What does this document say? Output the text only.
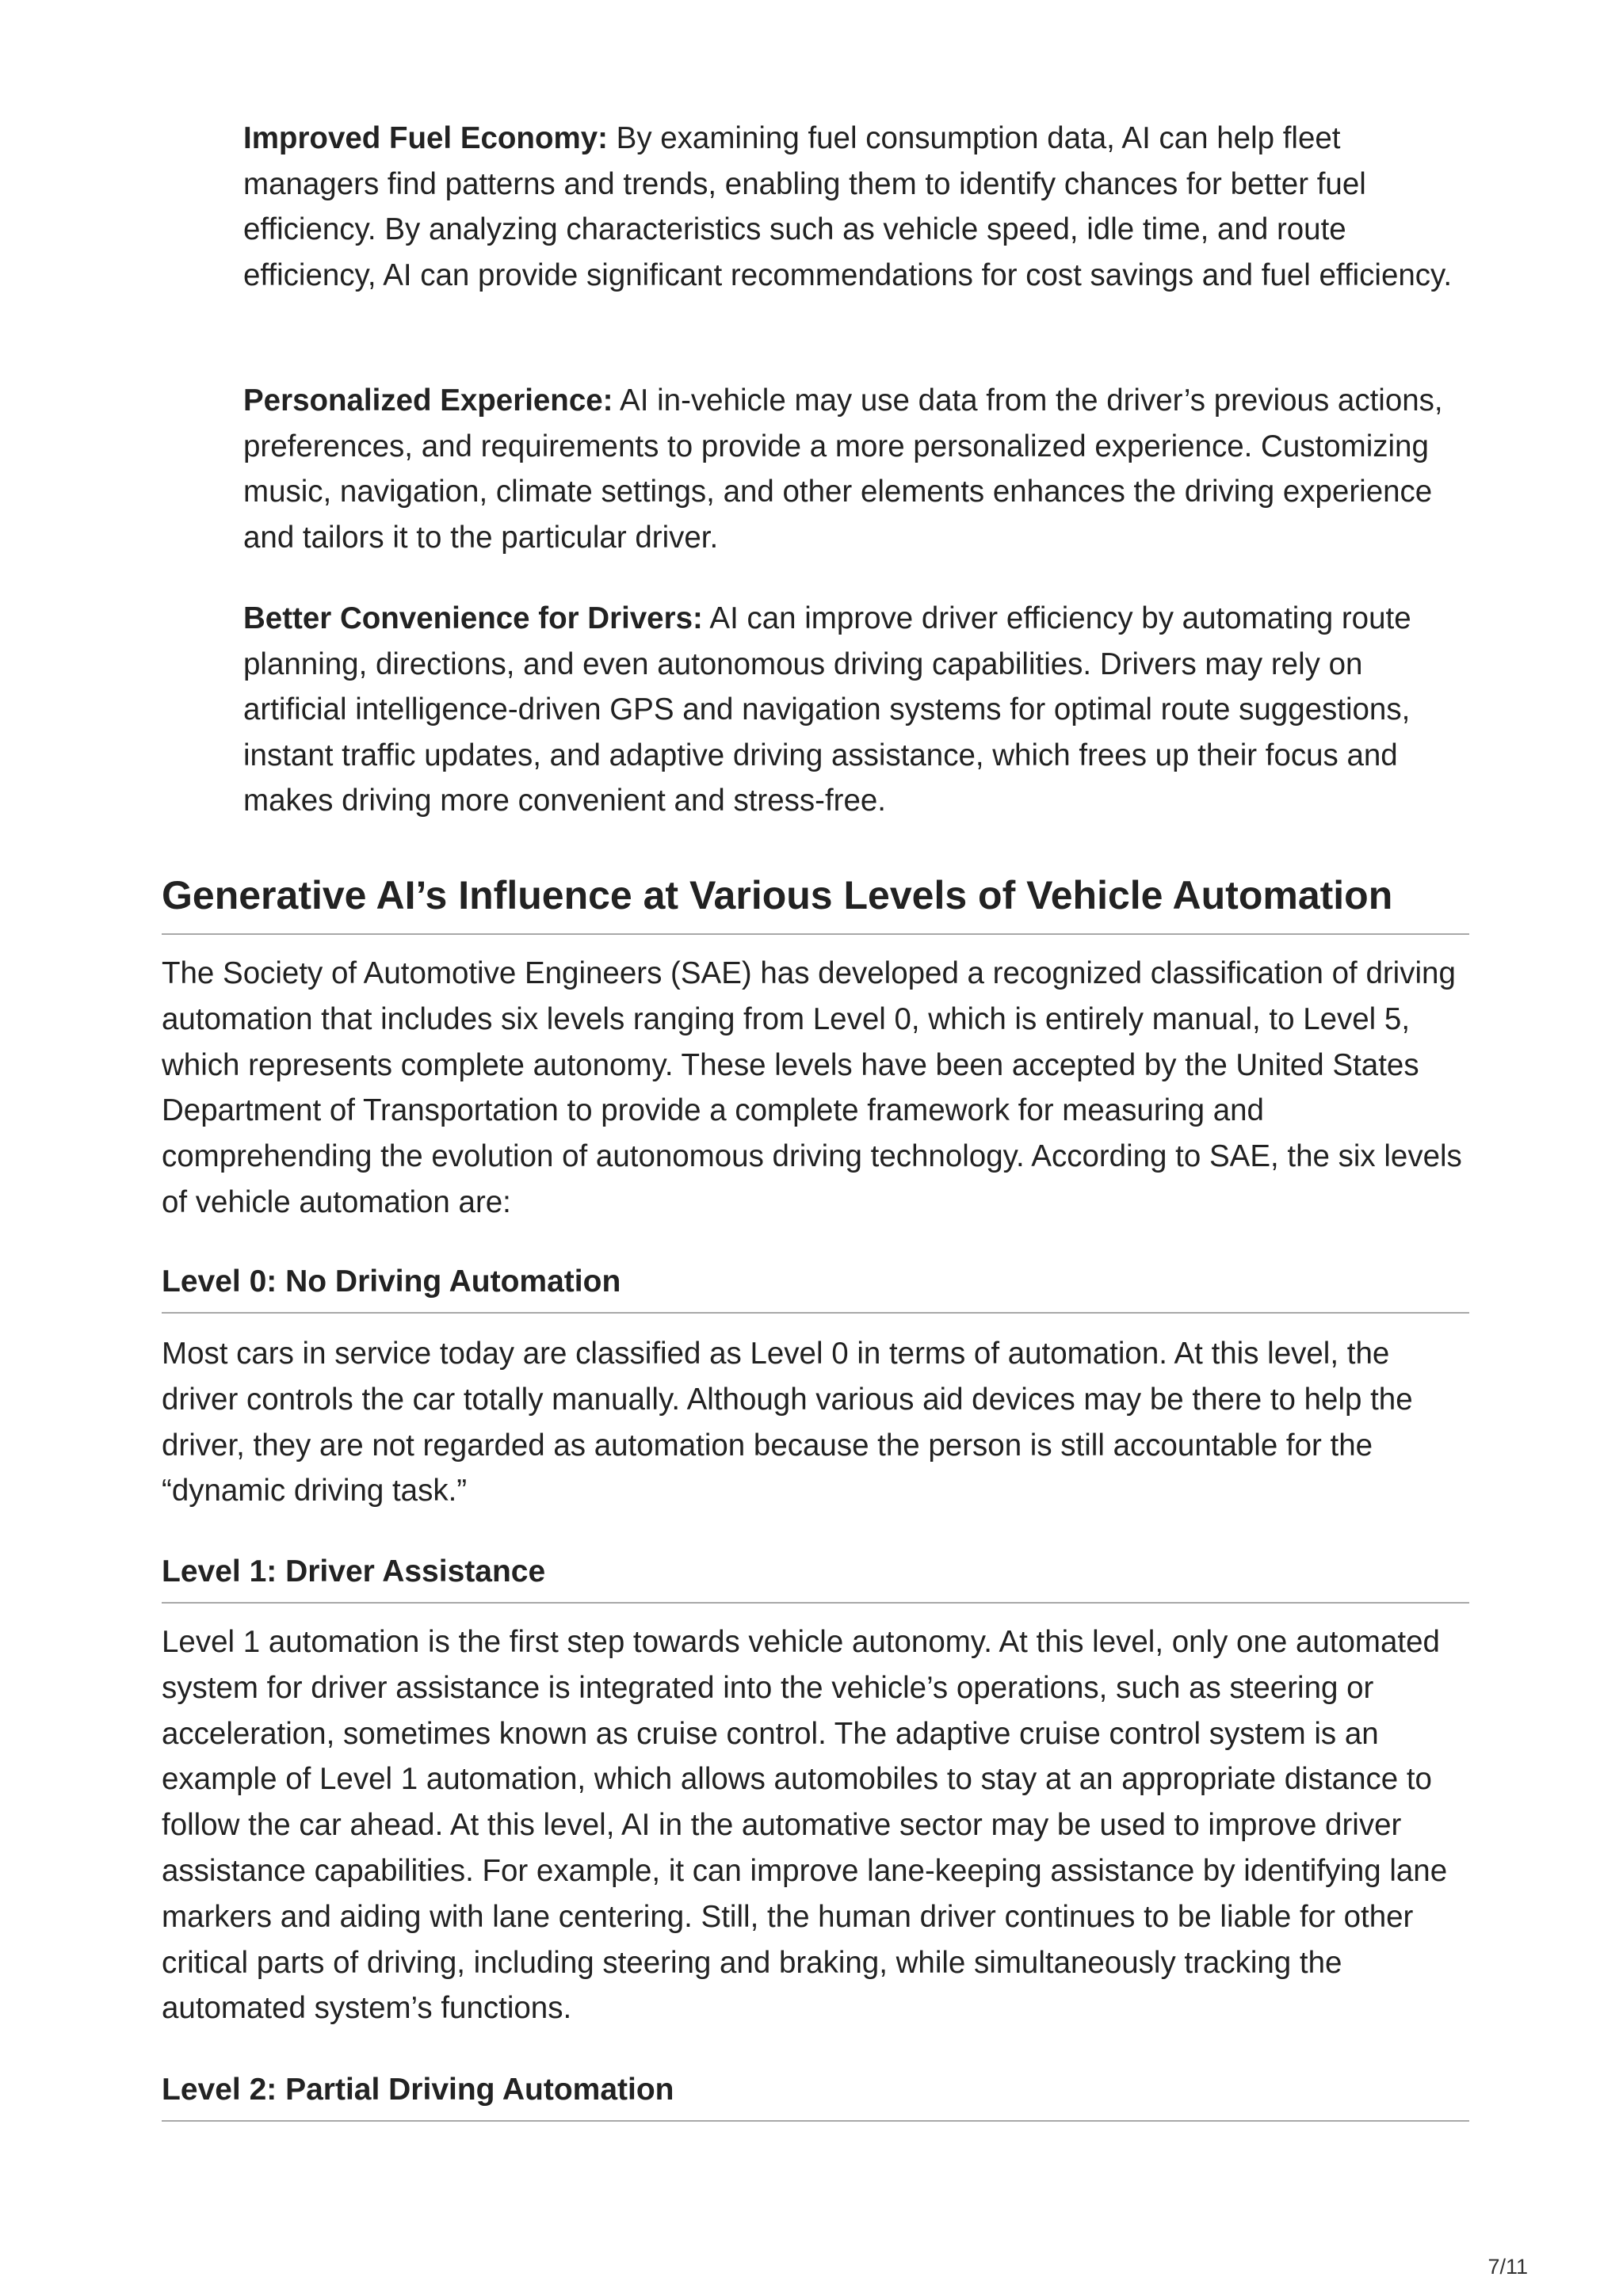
Improved Fuel Economy: By examining fuel consumption data, AI can help fleet managers find patterns and trends, enabling them to identify chances for better fuel efficiency. By analyzing characteristics such as vehicle speed, idle time, and route efficiency, AI can provide significant recommendations for cost savings and fuel efficiency.

Personalized Experience: AI in-vehicle may use data from the driver’s previous actions, preferences, and requirements to provide a more personalized experience. Customizing music, navigation, climate settings, and other elements enhances the driving experience and tailors it to the particular driver.

Better Convenience for Drivers: AI can improve driver efficiency by automating route planning, directions, and even autonomous driving capabilities. Drivers may rely on artificial intelligence-driven GPS and navigation systems for optimal route suggestions, instant traffic updates, and adaptive driving assistance, which frees up their focus and makes driving more convenient and stress-free.

Generative AI’s Influence at Various Levels of Vehicle Automation

The Society of Automotive Engineers (SAE) has developed a recognized classification of driving automation that includes six levels ranging from Level 0, which is entirely manual, to Level 5, which represents complete autonomy. These levels have been accepted by the United States Department of Transportation to provide a complete framework for measuring and comprehending the evolution of autonomous driving technology. According to SAE, the six levels of vehicle automation are:

Level 0: No Driving Automation

Most cars in service today are classified as Level 0 in terms of automation. At this level, the driver controls the car totally manually. Although various aid devices may be there to help the driver, they are not regarded as automation because the person is still accountable for the “dynamic driving task.”

Level 1: Driver Assistance

Level 1 automation is the first step towards vehicle autonomy. At this level, only one automated system for driver assistance is integrated into the vehicle’s operations, such as steering or acceleration, sometimes known as cruise control. The adaptive cruise control system is an example of Level 1 automation, which allows automobiles to stay at an appropriate distance to follow the car ahead. At this level, AI in the automative sector may be used to improve driver assistance capabilities. For example, it can improve lane-keeping assistance by identifying lane markers and aiding with lane centering. Still, the human driver continues to be liable for other critical parts of driving, including steering and braking, while simultaneously tracking the automated system’s functions.

Level 2: Partial Driving Automation
7/11
